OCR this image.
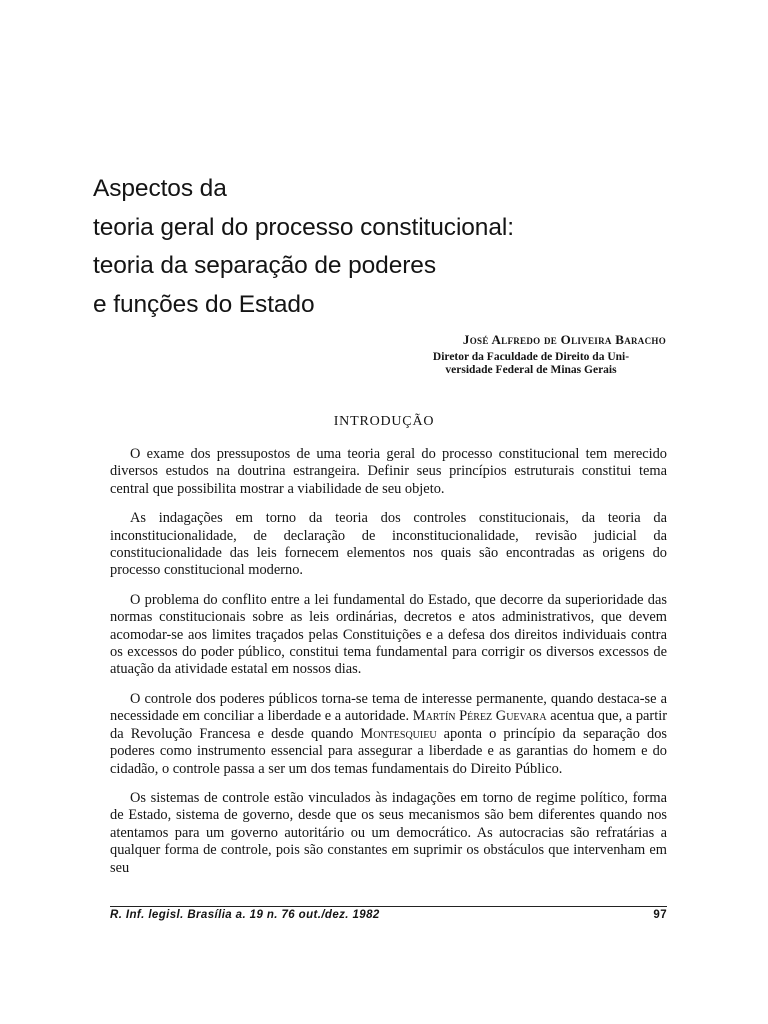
Aspectos da
teoria geral do processo constitucional:
teoria da separação de poderes
e funções do Estado
José Alfredo de Oliveira Baracho
Diretor da Faculdade de Direito da Uni-
versidade Federal de Minas Gerais
INTRODUÇÃO

O exame dos pressupostos de uma teoria geral do processo constitucional tem merecido diversos estudos na doutrina estrangeira. Definir seus princípios estruturais constitui tema central que possibilita mostrar a viabilidade de seu objeto.

As indagações em torno da teoria dos controles constitucionais, da teoria da inconstitucionalidade, de declaração de inconstitucionalidade, revisão judicial da constitucionalidade das leis fornecem elementos nos quais são encontradas as origens do processo constitucional moderno.

O problema do conflito entre a lei fundamental do Estado, que decorre da superioridade das normas constitucionais sobre as leis ordinárias, decretos e atos administrativos, que devem acomodar-se aos limites traçados pelas Constituições e a defesa dos direitos individuais contra os excessos do poder público, constitui tema fundamental para corrigir os diversos excessos de atuação da atividade estatal em nossos dias.

O controle dos poderes públicos torna-se tema de interesse permanente, quando destaca-se a necessidade em conciliar a liberdade e a autoridade. Martín Pérez Guevara acentua que, a partir da Revolução Francesa e desde quando Montesquieu aponta o princípio da separação dos poderes como instrumento essencial para assegurar a liberdade e as garantias do homem e do cidadão, o controle passa a ser um dos temas fundamentais do Direito Público.

Os sistemas de controle estão vinculados às indagações em torno de regime político, forma de Estado, sistema de governo, desde que os seus mecanismos são bem diferentes quando nos atentamos para um governo autoritário ou um democrático. As autocracias são refratárias a qualquer forma de controle, pois são constantes em suprimir os obstáculos que intervenham em seu

R. Inf. legisl. Brasília a. 19 n. 76 out./dez. 1982	97
